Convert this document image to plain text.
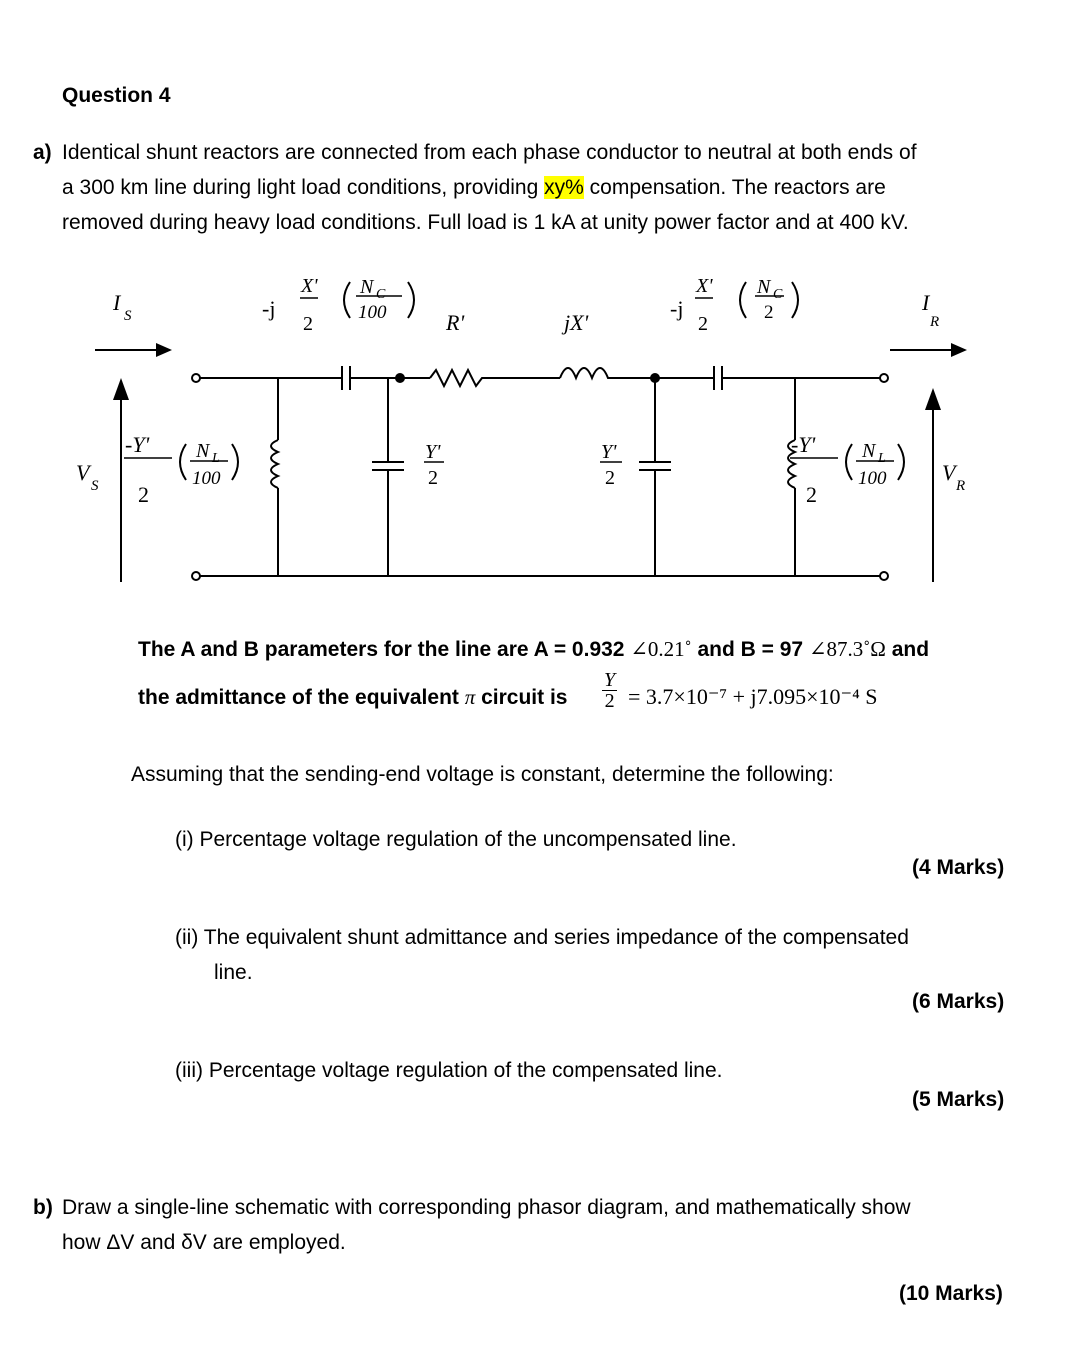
Question 4
a) Identical shunt reactors are connected from each phase conductor to neutral at both ends of
a 300 km line during light load conditions, providing xy% compensation. The reactors are
removed during heavy load conditions. Full load is 1 kA at unity power factor and at 400 kV.
I
S
I
R
V
S
V
R
-j
X'
2
N C
100	R'	jX'
-j
X'
2
N C
2
-Y'
2
N L
100
Y'
2
Y'
2
-Y'
2
N L
100
The A and B parameters for the line are A = 0.932 ∠0.21˚ and B = 97 ∠87.3˚Ω and
the admittance of the equivalent π circuit is $\frac{Y}{2} = 3.7\times 10^{-7} + j7.095\times 10^{-4}$ S
Assuming that the sending-end voltage is constant, determine the following:
(i) Percentage voltage regulation of the uncompensated line.
(4 Marks)
(ii) The equivalent shunt admittance and series impedance of the compensated
line.
(6 Marks)
(iii) Percentage voltage regulation of the compensated line.
(5 Marks)
b) Draw a single-line schematic with corresponding phasor diagram, and mathematically show
how ΔV and δV are employed.
(10 Marks)
